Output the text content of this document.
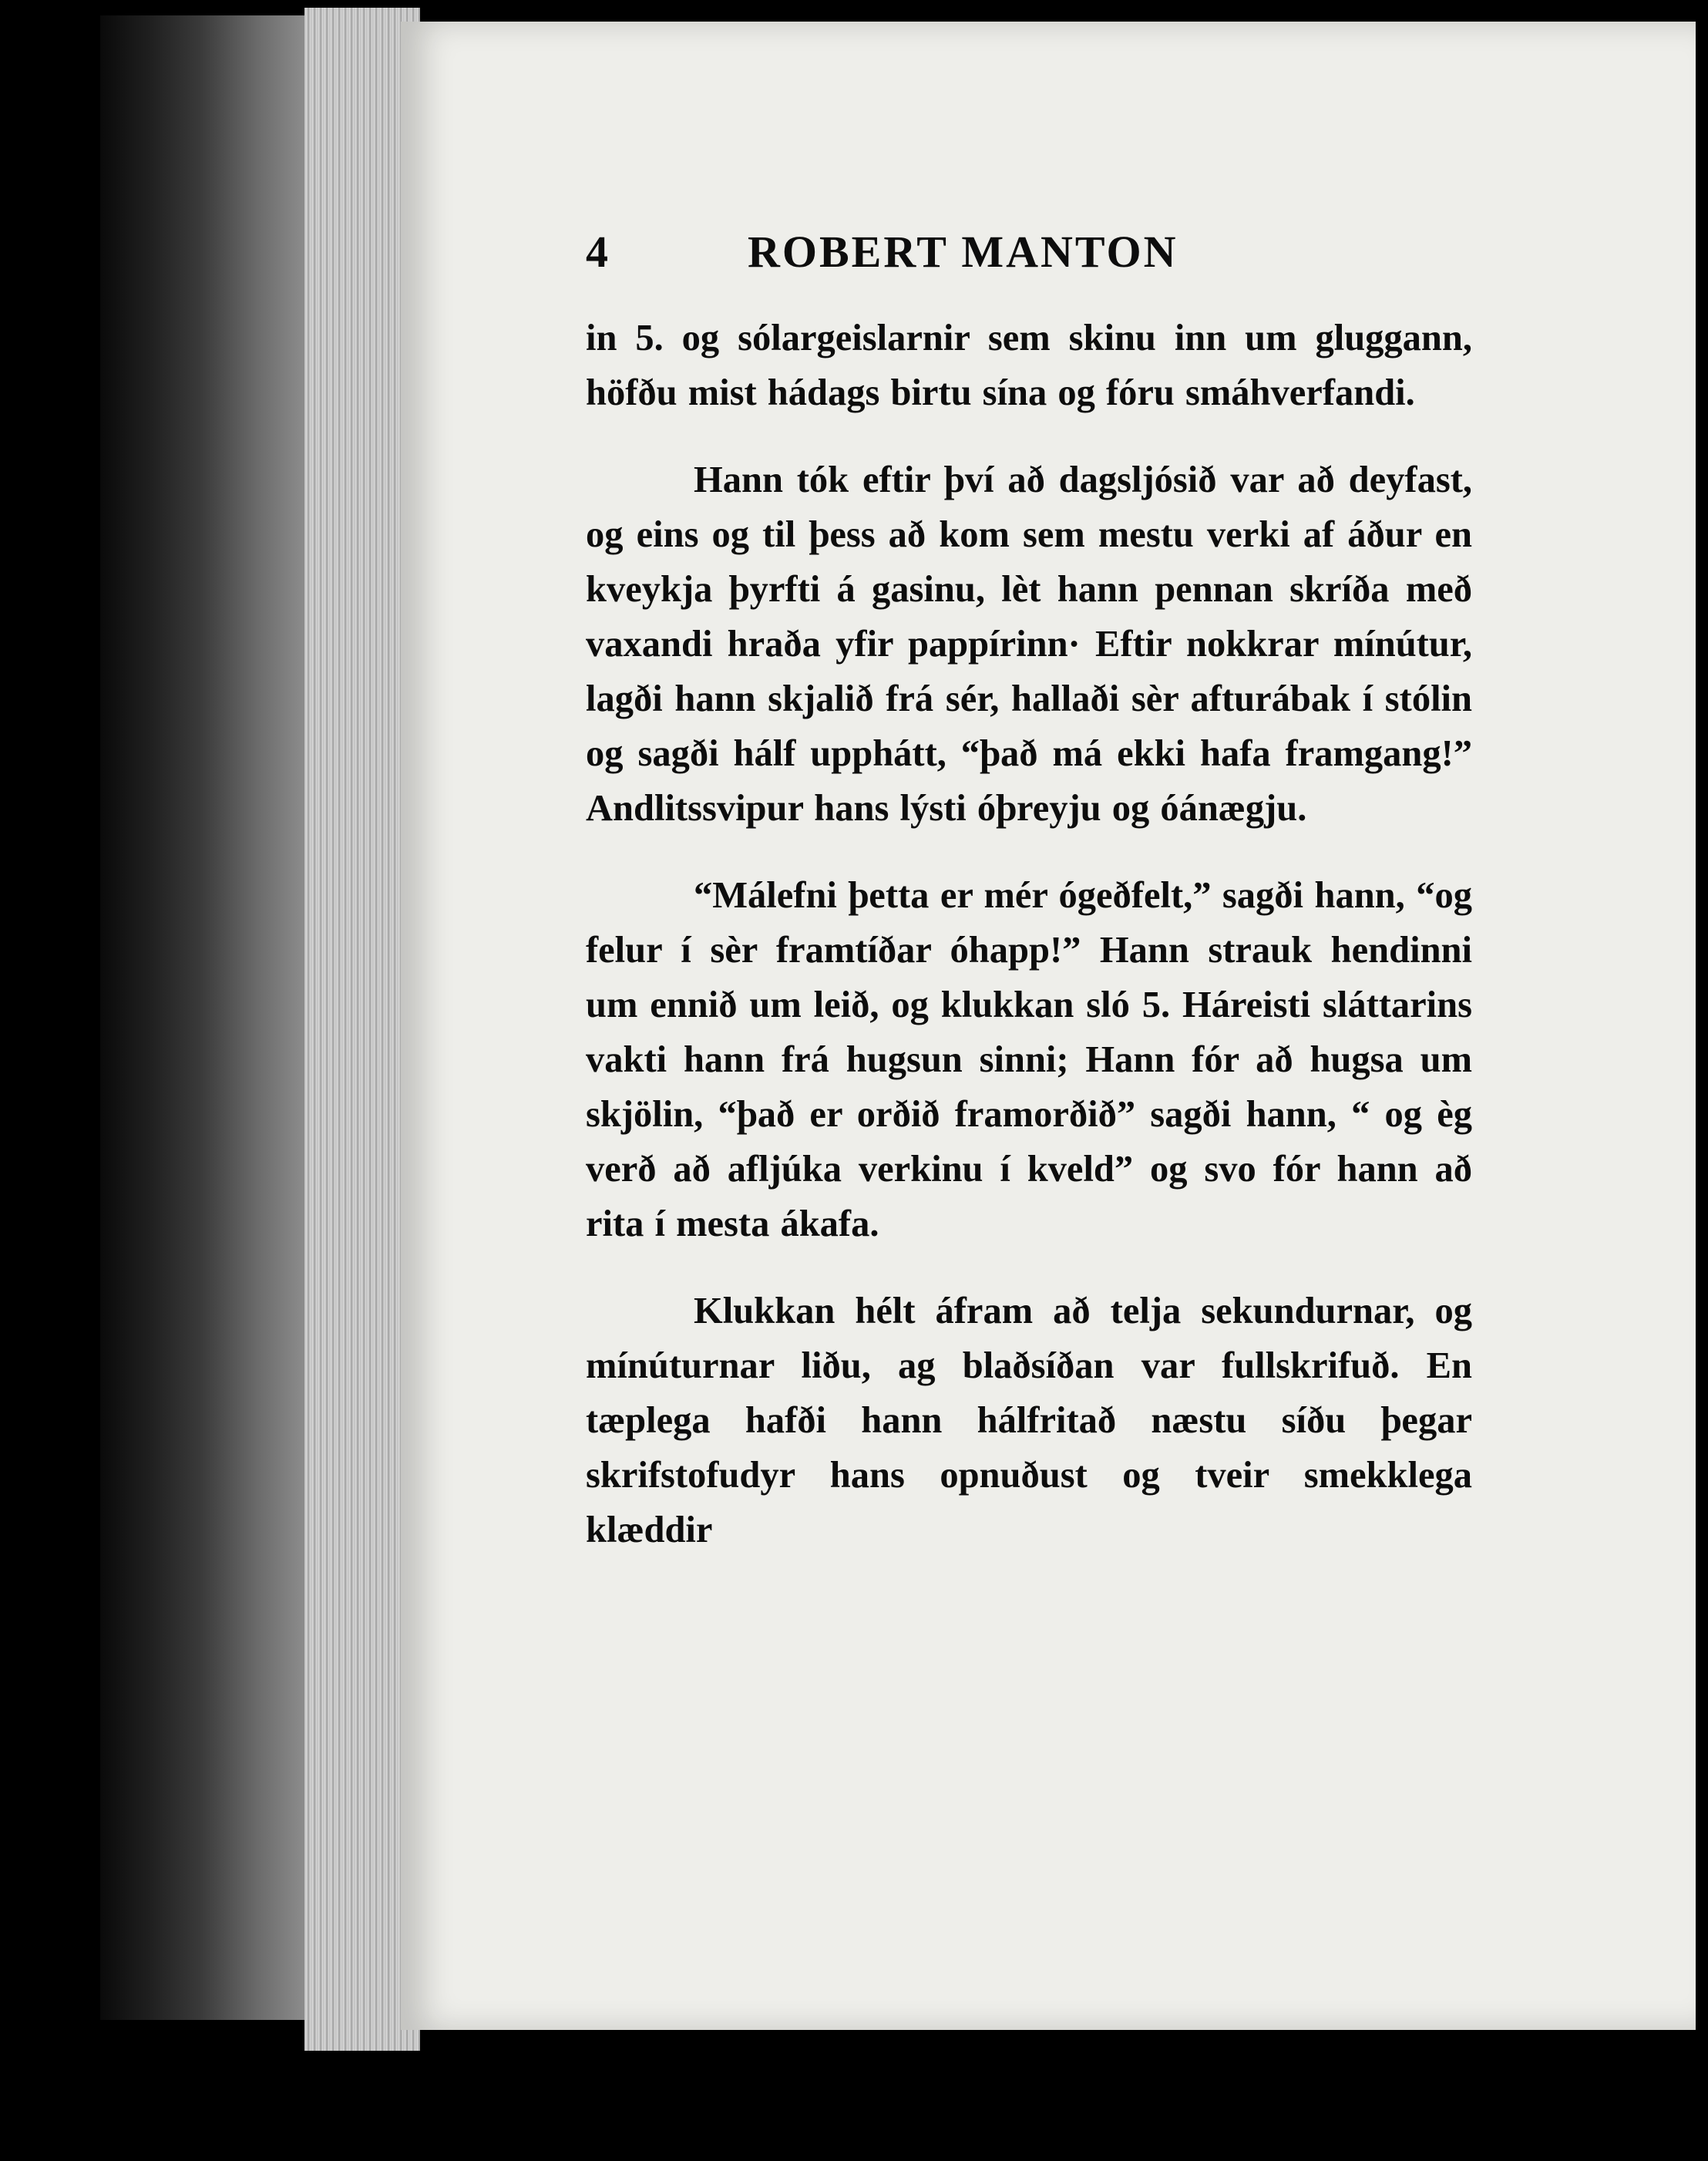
4	ROBERT MANTON

in 5. og sólargeislarnir sem skinu inn um gluggann, höfðu mist hádags birtu sína og fóru smáhverfandi.

Hann tók eftir því að dagsljósið var að deyfast, og eins og til þess að kom sem mestu verki af áður en kveykja þyrfti á gasinu, lèt hann pennan skríða með vaxandi hraða yfir pappírinn· Eftir nokkrar mínútur, lagði hann skjalið frá sér, hallaði sèr afturábak í stólin og sagði hálf upphátt, “það má ekki hafa framgang!” Andlitssvipur hans lýsti óþreyju og óánægju.

“Málefni þetta er mér ógeðfelt,” sagði hann, “og felur í sèr framtíðar óhapp!” Hann strauk hendinni um ennið um leið, og klukkan sló 5. Háreisti sláttarins vakti hann frá hugsun sinni; Hann fór að hugsa um skjölin, “það er orðið framorðið” sagði hann, “ og èg verð að afljúka verkinu í kveld” og svo fór hann að rita í mesta ákafa.

Klukkan hélt áfram að telja sekundurnar, og mínúturnar liðu, ag blaðsíðan var fullskrifuð. En tæplega hafði hann hálfritað næstu síðu þegar skrifstofudyr hans opnuðust og tveir smekklega klæddir
